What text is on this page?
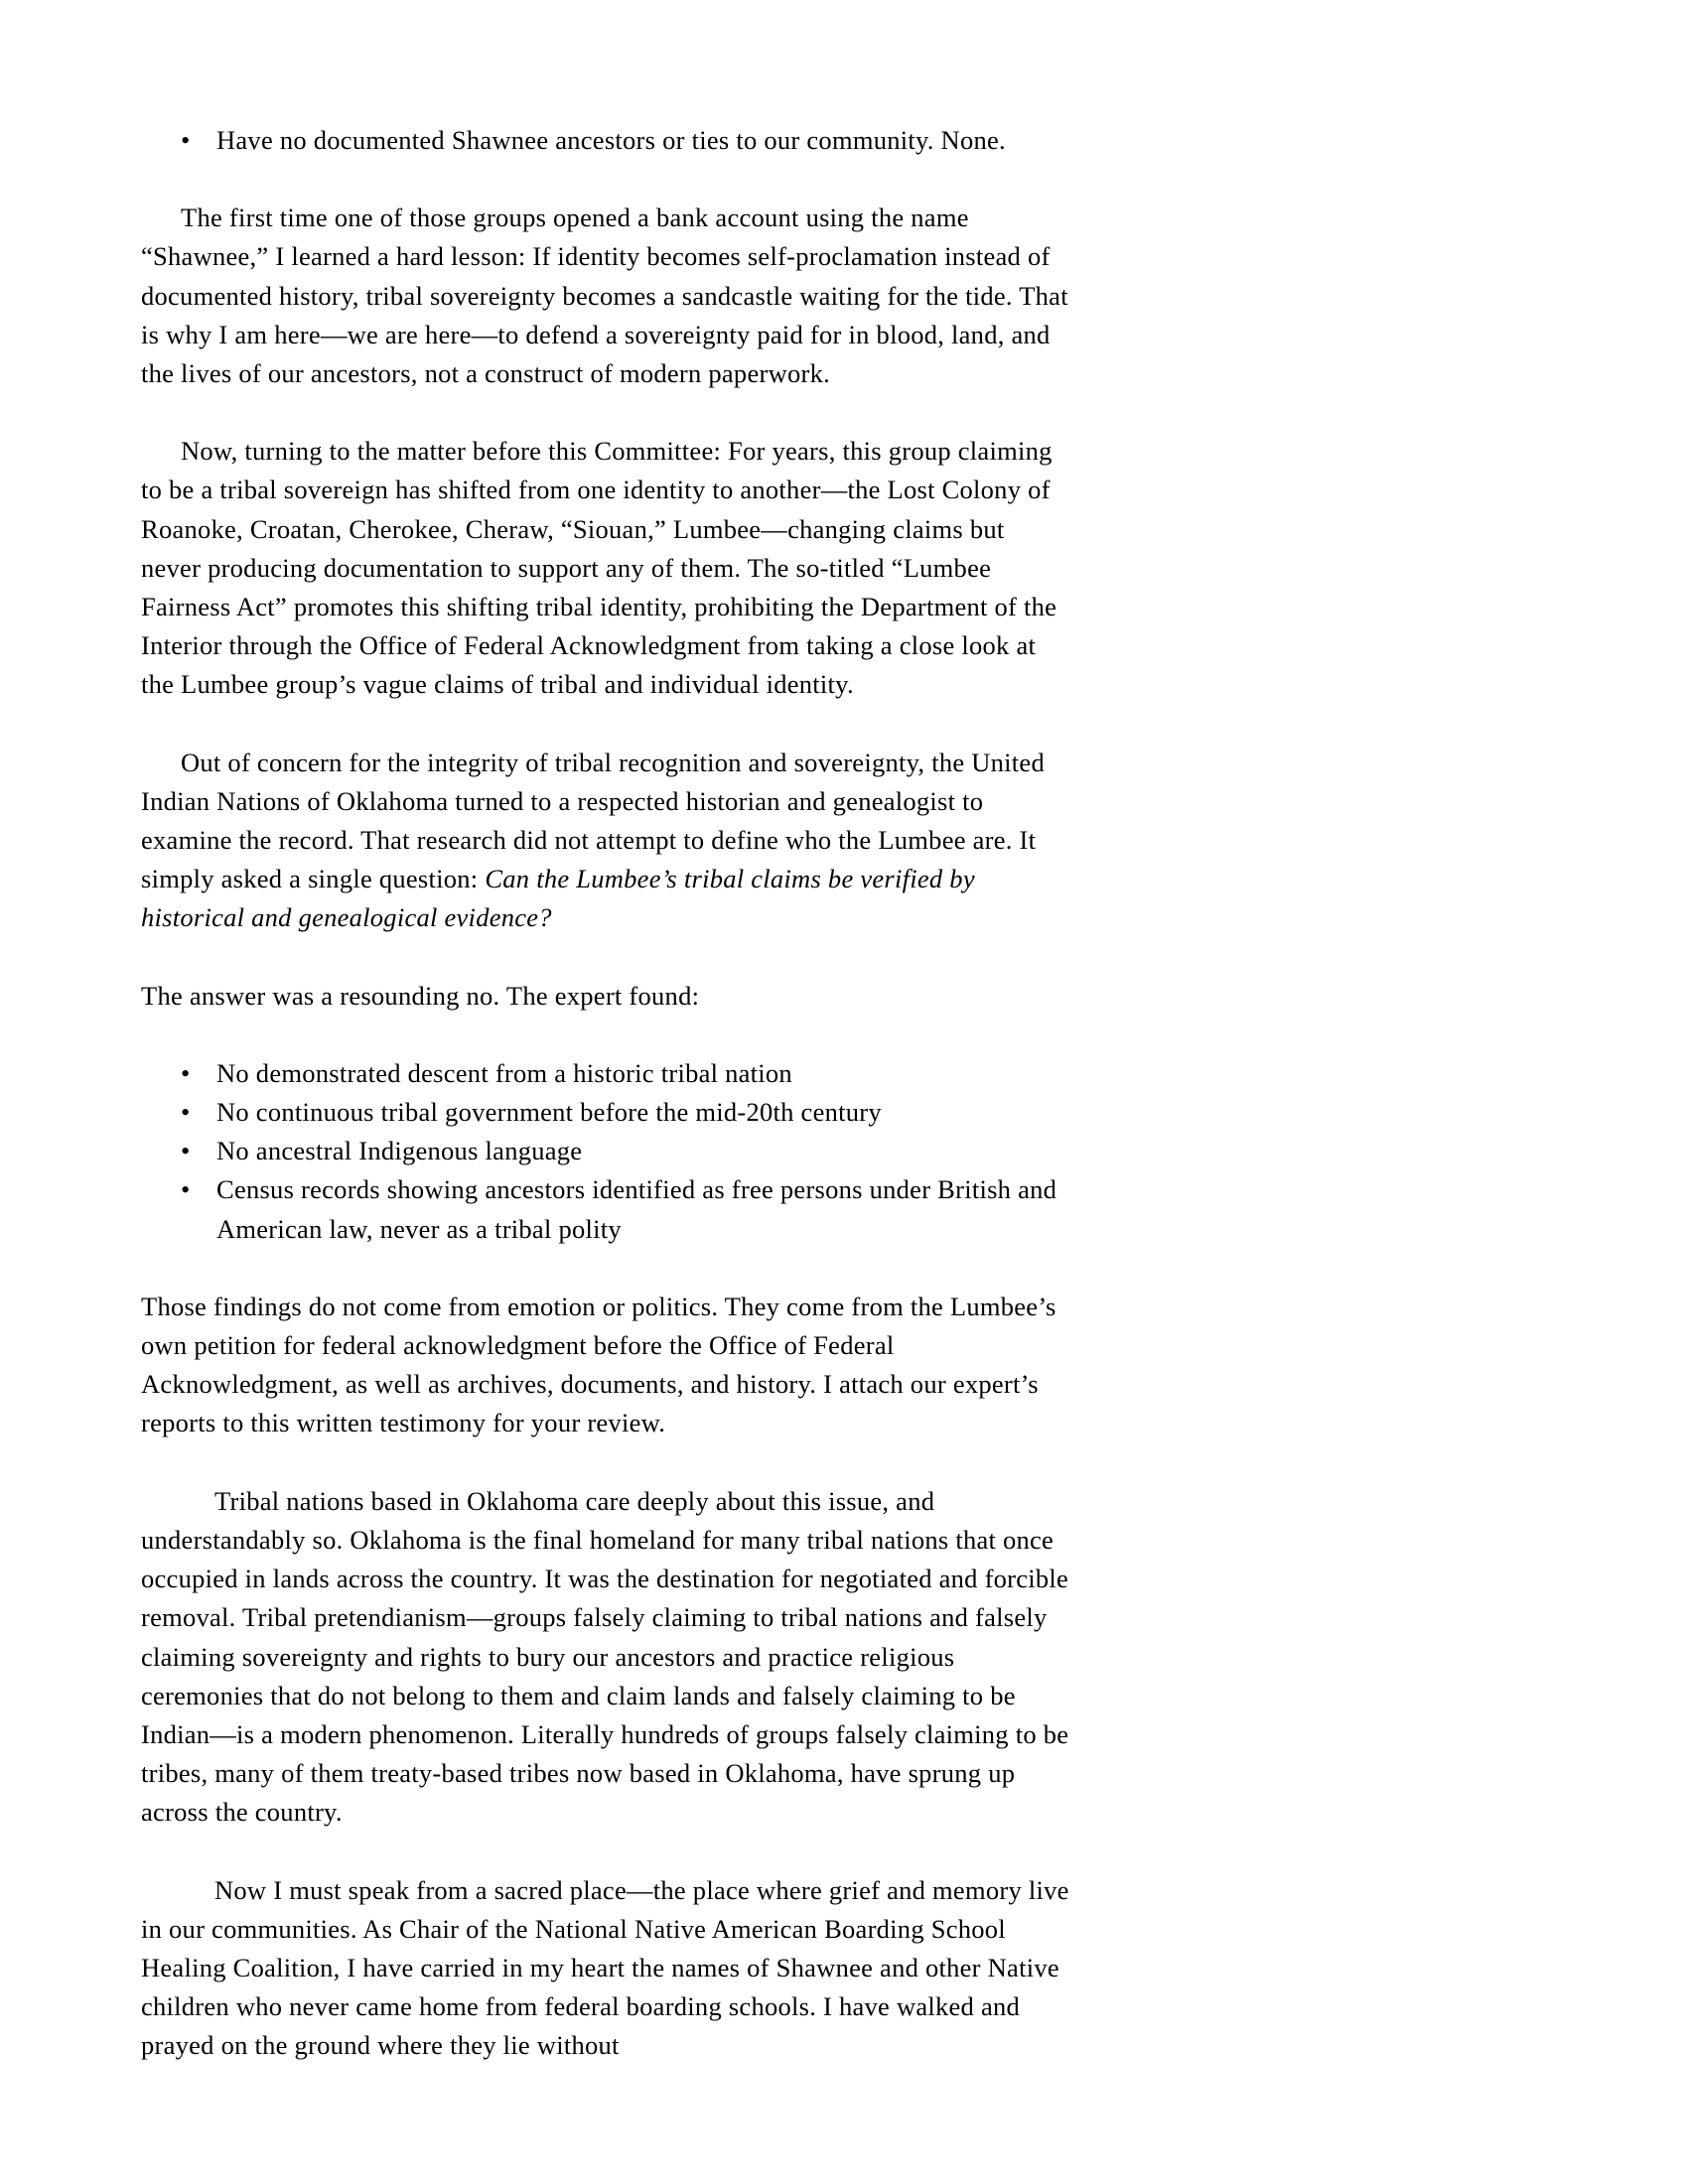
• Have no documented Shawnee ancestors or ties to our community. None.

The first time one of those groups opened a bank account using the name “Shawnee,” I learned a hard lesson: If identity becomes self-proclamation instead of documented history, tribal sovereignty becomes a sandcastle waiting for the tide. That is why I am here—we are here—to defend a sovereignty paid for in blood, land, and the lives of our ancestors, not a construct of modern paperwork.

Now, turning to the matter before this Committee: For years, this group claiming to be a tribal sovereign has shifted from one identity to another—the Lost Colony of Roanoke, Croatan, Cherokee, Cheraw, “Siouan,” Lumbee—changing claims but never producing documentation to support any of them. The so-titled “Lumbee Fairness Act” promotes this shifting tribal identity, prohibiting the Department of the Interior through the Office of Federal Acknowledgment from taking a close look at the Lumbee group’s vague claims of tribal and individual identity.

Out of concern for the integrity of tribal recognition and sovereignty, the United Indian Nations of Oklahoma turned to a respected historian and genealogist to examine the record. That research did not attempt to define who the Lumbee are. It simply asked a single question: Can the Lumbee’s tribal claims be verified by historical and genealogical evidence?

The answer was a resounding no. The expert found:

• No demonstrated descent from a historic tribal nation
• No continuous tribal government before the mid-20th century
• No ancestral Indigenous language
• Census records showing ancestors identified as free persons under British and American law, never as a tribal polity

Those findings do not come from emotion or politics. They come from the Lumbee’s own petition for federal acknowledgment before the Office of Federal Acknowledgment, as well as archives, documents, and history. I attach our expert’s reports to this written testimony for your review.

Tribal nations based in Oklahoma care deeply about this issue, and understandably so. Oklahoma is the final homeland for many tribal nations that once occupied in lands across the country. It was the destination for negotiated and forcible removal. Tribal pretendianism—groups falsely claiming to tribal nations and falsely claiming sovereignty and rights to bury our ancestors and practice religious ceremonies that do not belong to them and claim lands and falsely claiming to be Indian—is a modern phenomenon. Literally hundreds of groups falsely claiming to be tribes, many of them treaty-based tribes now based in Oklahoma, have sprung up across the country.

Now I must speak from a sacred place—the place where grief and memory live in our communities. As Chair of the National Native American Boarding School Healing Coalition, I have carried in my heart the names of Shawnee and other Native children who never came home from federal boarding schools. I have walked and prayed on the ground where they lie without
